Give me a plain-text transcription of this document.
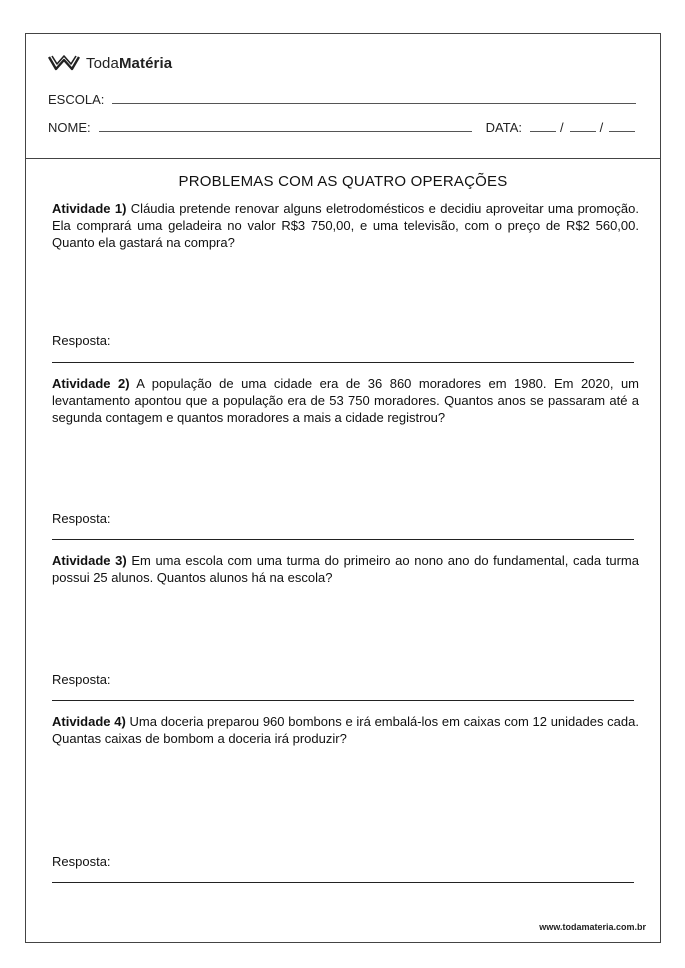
TodaMatéria
ESCOLA:
NOME:	DATA:	/	/
PROBLEMAS COM AS QUATRO OPERAÇÕES
Atividade 1) Cláudia pretende renovar alguns eletrodomésticos e decidiu aproveitar uma promoção. Ela comprará uma geladeira no valor R$3 750,00, e uma televisão, com o preço de R$2 560,00. Quanto ela gastará na compra?
Resposta:
Atividade 2) A população de uma cidade era de 36 860 moradores em 1980. Em 2020, um levantamento apontou que a população era de 53 750 moradores. Quantos anos se passaram até a segunda contagem e quantos moradores a mais a cidade registrou?
Resposta:
Atividade 3) Em uma escola com uma turma do primeiro ao nono ano do fundamental, cada turma possui 25 alunos. Quantos alunos há na escola?
Resposta:
Atividade 4) Uma doceria preparou 960 bombons e irá embalá-los em caixas com 12 unidades cada. Quantas caixas de bombom a doceria irá produzir?
Resposta:
www.todamateria.com.br
